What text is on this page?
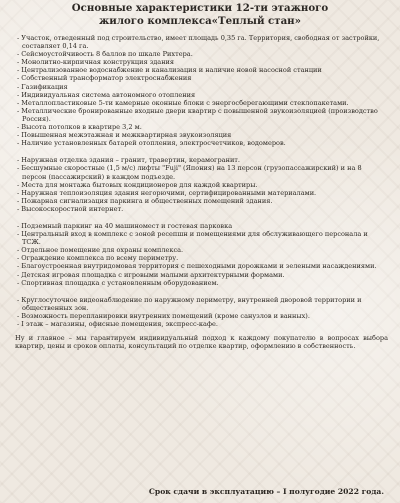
Основные характеристики 12-ти этажного
жилого комплекса«Теплый стан»

- Участок, отведенный под строительство, имеет площадь 0,35 га. Территория, свободная от застройки, составляет 0,14 га.

- Сейсмоустойчивость 8 баллов по шкале Рихтера.

- Монолитно-кирпичная конструкция здания

- Централизованное водоснабжение и канализация и наличие новой насосной станции

- Собственный трансформатор электроснабжения

- Газификация

- Индивидуальная система автономного отопления

- Металлопластиковые 5-ти камерные оконные блоки с энергосберегающими стеклопакетами.

- Металлические бронированные входные двери квартир с повышенной звукоизоляцией (производство Россия).

- Высота потолков в квартире 3,2 м.

- Повышенная межэтажная и межквартирная звукоизоляция

- Наличие установленных батарей отопления, электросчетчиков, водомеров.

- Наружная отделка здания – гранит, травертин, керамогранит.

- Бесшумные скоростные (1,5 м/с) лифты "Fuji" (Япония) на 13 персон (грузопассажирский) и на 8 персон (пассажирский) в каждом подъезде.

- Места для монтажа бытовых кондиционеров для каждой квартиры.

- Наружная теплоизоляция здания негорючими, сертифицированными материалами.

- Пожарная сигнализация паркинга и общественных помещений здания.

- Высокоскоростной интернет.

- Подземный паркинг на 40 машиномест и гостевая парковка

- Центральный вход в комплекс с зоной ресепшн и помещениями для обслуживающего персонала и ТСЖ.

- Отдельное помещение для охраны комплекса.

- Ограждение комплекса по всему периметру.

- Благоустроенная внутридомовая территория с пешеходными дорожками и зелеными насаждениями.

- Детская игровая площадка с игровыми малыми архитектурными формами.

- Спортивная площадка с установленным оборудованием.

- Круглосуточное видеонаблюдение по наружному периметру, внутренней дворовой территории и общественных зон.

- Возможность перепланировки внутренних помещений (кроме санузлов и ванных).

- I этаж – магазины, офисные помещения, экспресс-кафе.

Ну и главное – мы гарантируем индивидуальный подход к каждому покупателю в вопросах выбора квартир, цены и сроков оплаты, консультаций по отделке квартир, оформлению в собственность.

Срок сдачи в эксплуатацию – I полугодие 2022 года.
